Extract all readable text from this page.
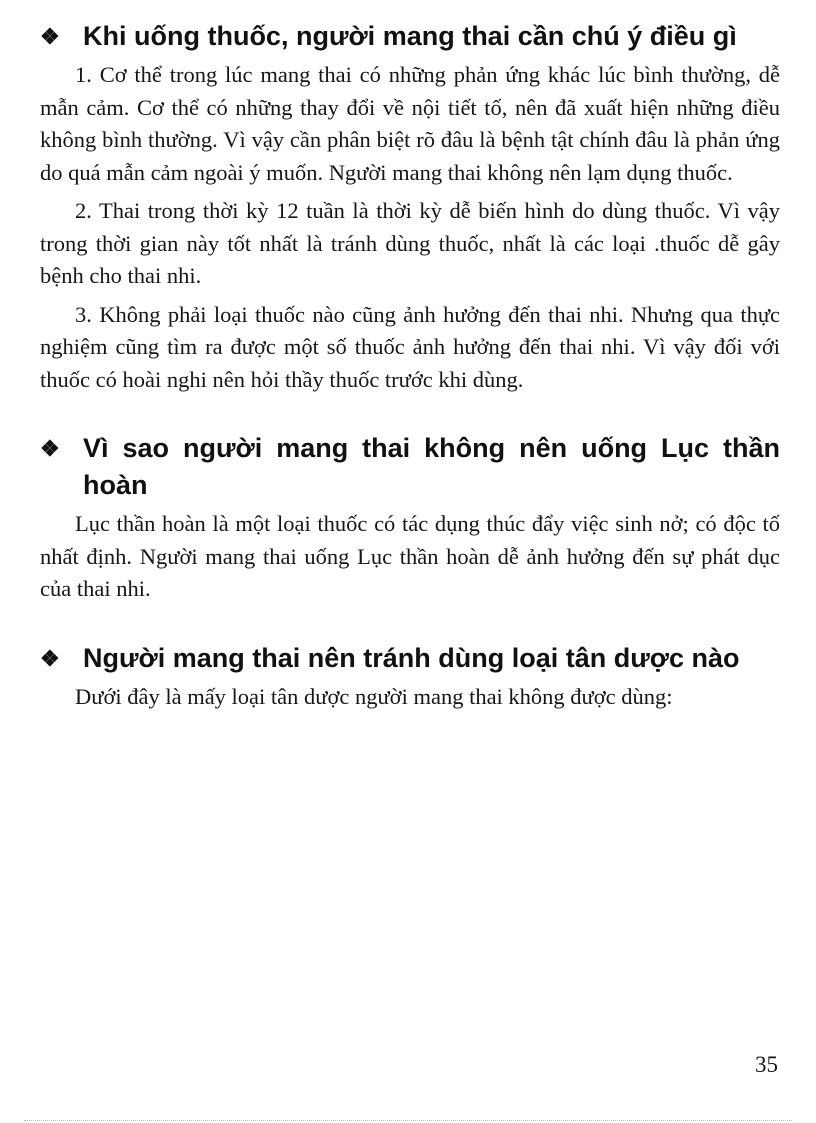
❖ Khi uống thuốc, người mang thai cần chú ý điều gì

1. Cơ thể trong lúc mang thai có những phản ứng khác lúc bình thường, dễ mẫn cảm. Cơ thể có những thay đổi về nội tiết tố, nên đã xuất hiện những điều không bình thường. Vì vậy cần phân biệt rõ đâu là bệnh tật chính đâu là phản ứng do quá mẫn cảm ngoài ý muốn. Người mang thai không nên lạm dụng thuốc.

2. Thai trong thời kỳ 12 tuần là thời kỳ dễ biến hình do dùng thuốc. Vì vậy trong thời gian này tốt nhất là tránh dùng thuốc, nhất là các loại .thuốc dễ gây bệnh cho thai nhi.

3. Không phải loại thuốc nào cũng ảnh hưởng đến thai nhi. Nhưng qua thực nghiệm cũng tìm ra được một số thuốc ảnh hưởng đến thai nhi. Vì vậy đối với thuốc có hoài nghi nên hỏi thầy thuốc trước khi dùng.

❖ Vì sao người mang thai không nên uống Lục thần hoàn

Lục thần hoàn là một loại thuốc có tác dụng thúc đẩy việc sinh nở; có độc tố nhất định. Người mang thai uống Lục thần hoàn dễ ảnh hưởng đến sự phát dục của thai nhi.

❖ Người mang thai nên tránh dùng loại tân dược nào

Dưới đây là mấy loại tân dược người mang thai không được dùng:

35
